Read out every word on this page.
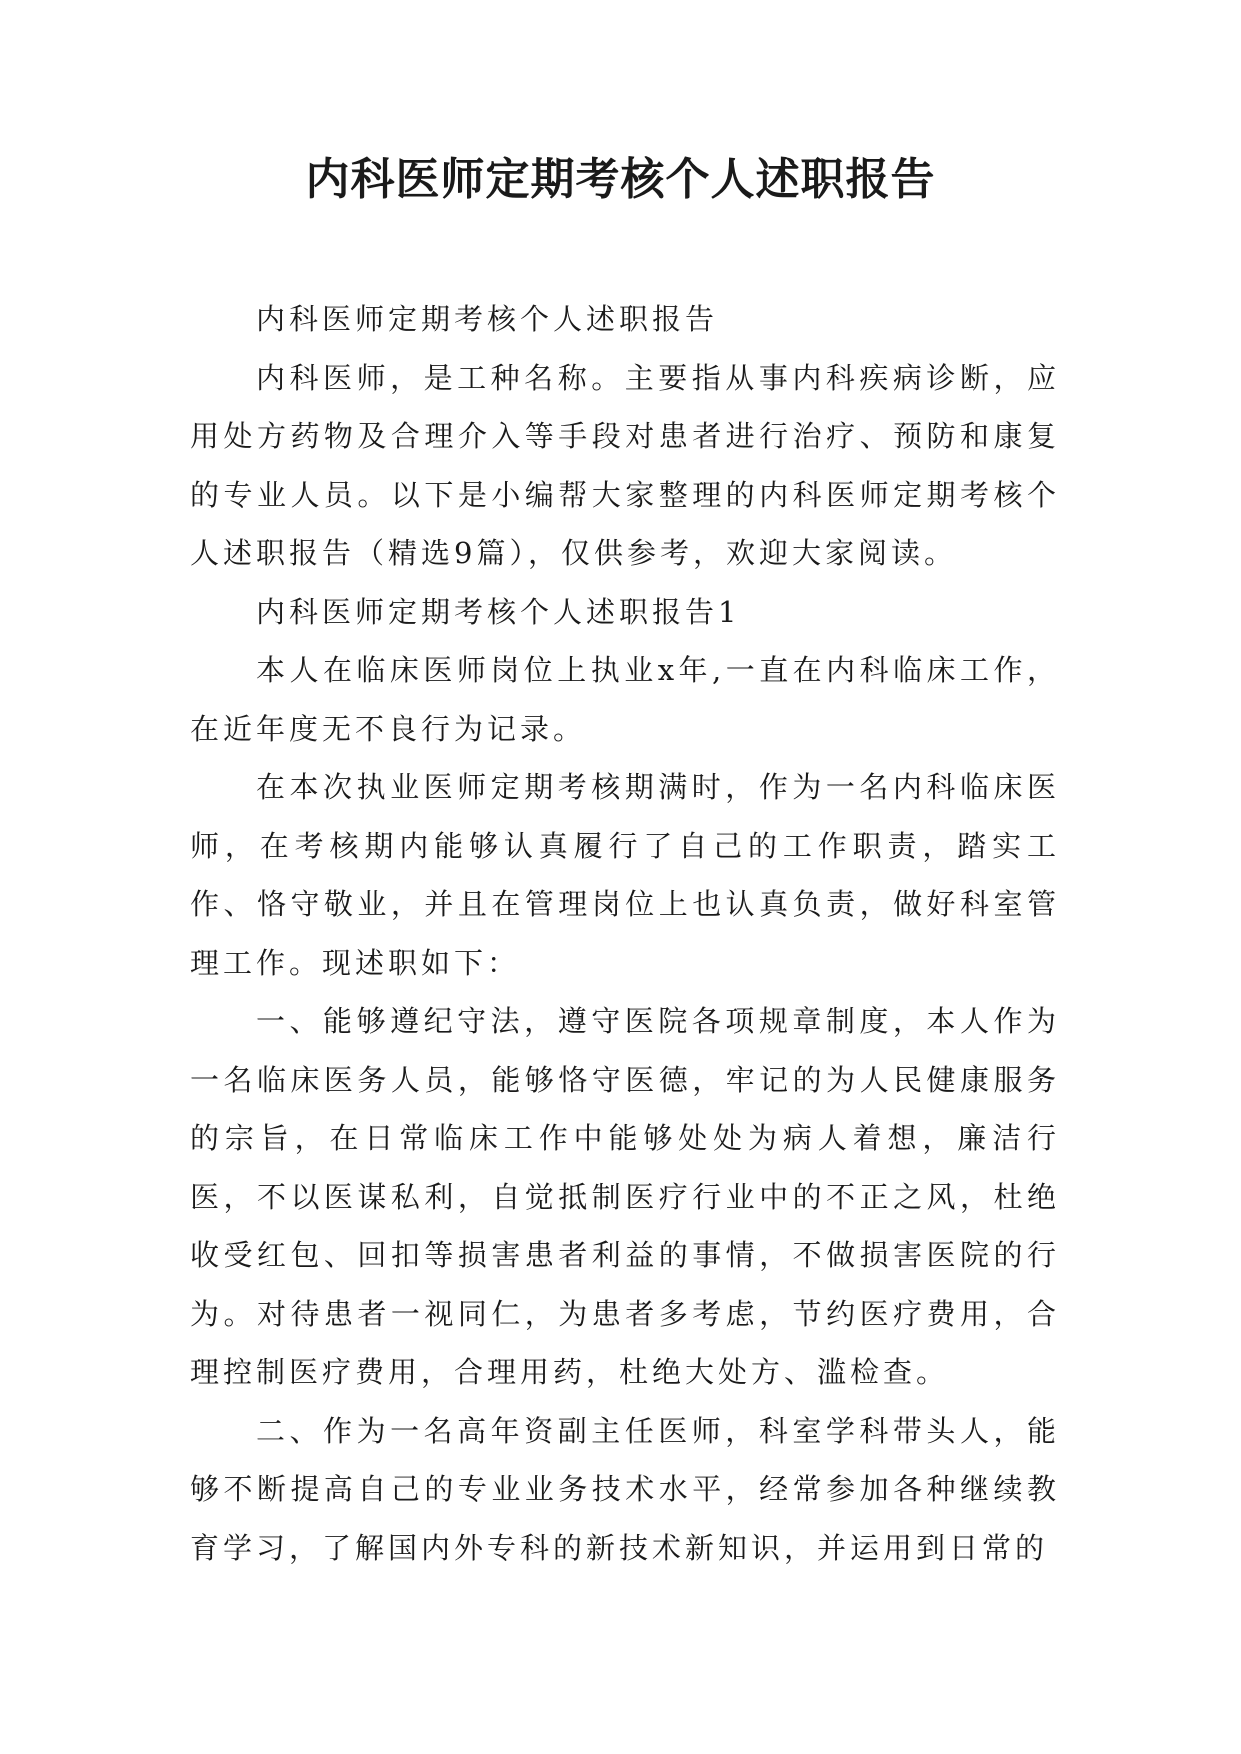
内科医师定期考核个人述职报告

内科医师定期考核个人述职报告

内科医师，是工种名称。主要指从事内科疾病诊断，应用处方药物及合理介入等手段对患者进行治疗、预防和康复的专业人员。以下是小编帮大家整理的内科医师定期考核个人述职报告（精选9篇），仅供参考，欢迎大家阅读。

内科医师定期考核个人述职报告1

本人在临床医师岗位上执业x年,一直在内科临床工作，在近年度无不良行为记录。

在本次执业医师定期考核期满时，作为一名内科临床医师，在考核期内能够认真履行了自己的工作职责，踏实工作、恪守敬业，并且在管理岗位上也认真负责，做好科室管理工作。现述职如下：

一、能够遵纪守法，遵守医院各项规章制度，本人作为一名临床医务人员，能够恪守医德，牢记的为人民健康服务的宗旨，在日常临床工作中能够处处为病人着想，廉洁行医，不以医谋私利，自觉抵制医疗行业中的不正之风，杜绝收受红包、回扣等损害患者利益的事情，不做损害医院的行为。对待患者一视同仁，为患者多考虑，节约医疗费用，合理控制医疗费用，合理用药，杜绝大处方、滥检查。

二、作为一名高年资副主任医师，科室学科带头人，能够不断提高自己的专业业务技术水平，经常参加各种继续教育学习，了解国内外专科的新技术新知识，并运用到日常的
